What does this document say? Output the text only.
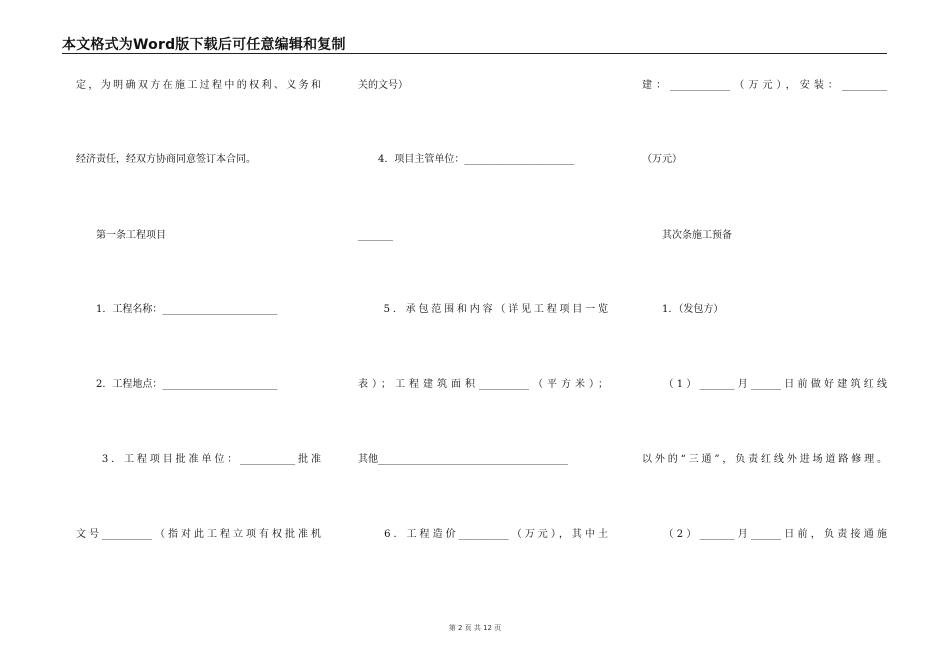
本文格式为Word版下载后可任意编辑和复制
定，为明确双方在施工过程中的权利、义务和
经济责任，经双方协商同意签订本合同。
　　第一条工程项目
　　1．工程名称：_______________________
　　2．工程地点：_______________________
　　3．工程项目批准单位：___________批准
文号__________（指对此工程立项有权批准机
关的文号）
　　4．项目主管单位：______________________
_______
　　5．承包范围和内容（详见工程项目一览
表）；工程建筑面积__________（平方米）；
其他______________________________________
　　6．工程造价__________（万元），其中土
建：____________（万元），安装：_________
（万元）
　　其次条施工预备
　　1．（发包方）
　　（1）_______月______日前做好建筑红线
以外的“三通”，负责红线外进场道路修理。
　　（2）_______月______日前，负责接通施
第 2 页 共 12 页
